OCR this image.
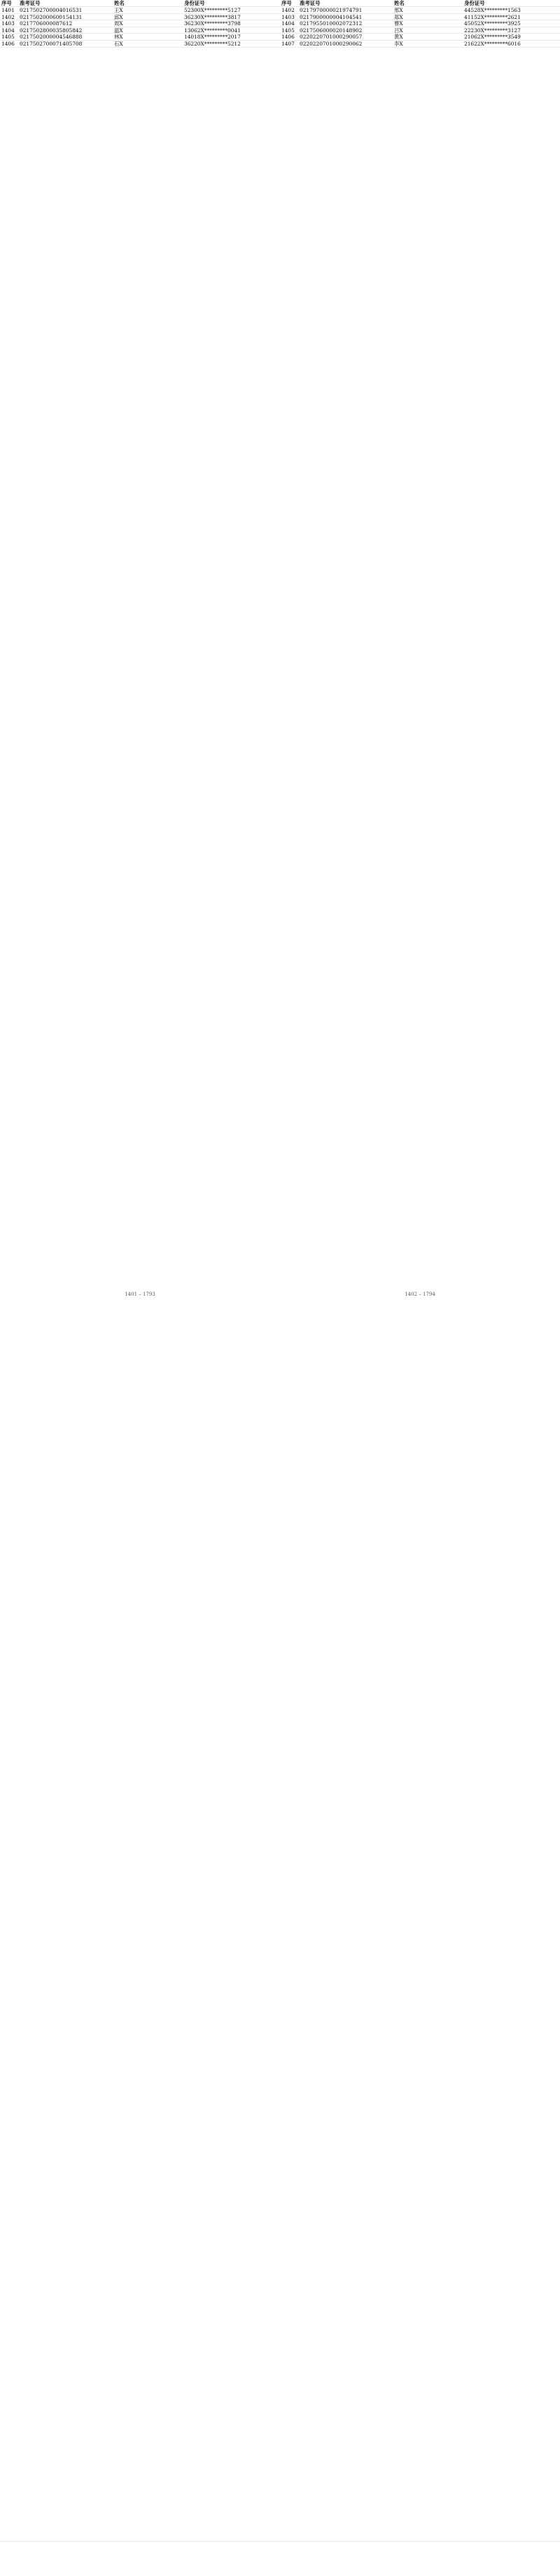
序号	准考证号	姓名	身份证号
1401 0217502700004016531	王X	52300X*********5127
1402 0217502000600154131	邱X	36230X*********3817
1403 0217706000087612	周X	36230X*********3798
1404 0217502800035805842	温X	13062X*********0041
1405 0217502000004546888	林X	14018X*********2017
1406 0217502700071405708	石X	36220X*********5212
1401 – 1793
序号	准考证号	姓名	身份证号
1402 0217970000021974791	邢X	44528X*********1563
1403 0217900000004104541	郑X	41152X*********2621
1404 0217955010002072312	曹X	45052X*********3925
1405 0217506000020148902	吕X	22230X*********3127
1406 0220220701000290057	黄X	21062X*********3549
1407 0220220701000290062	李X	21622X*********6016
1402 – 1794
